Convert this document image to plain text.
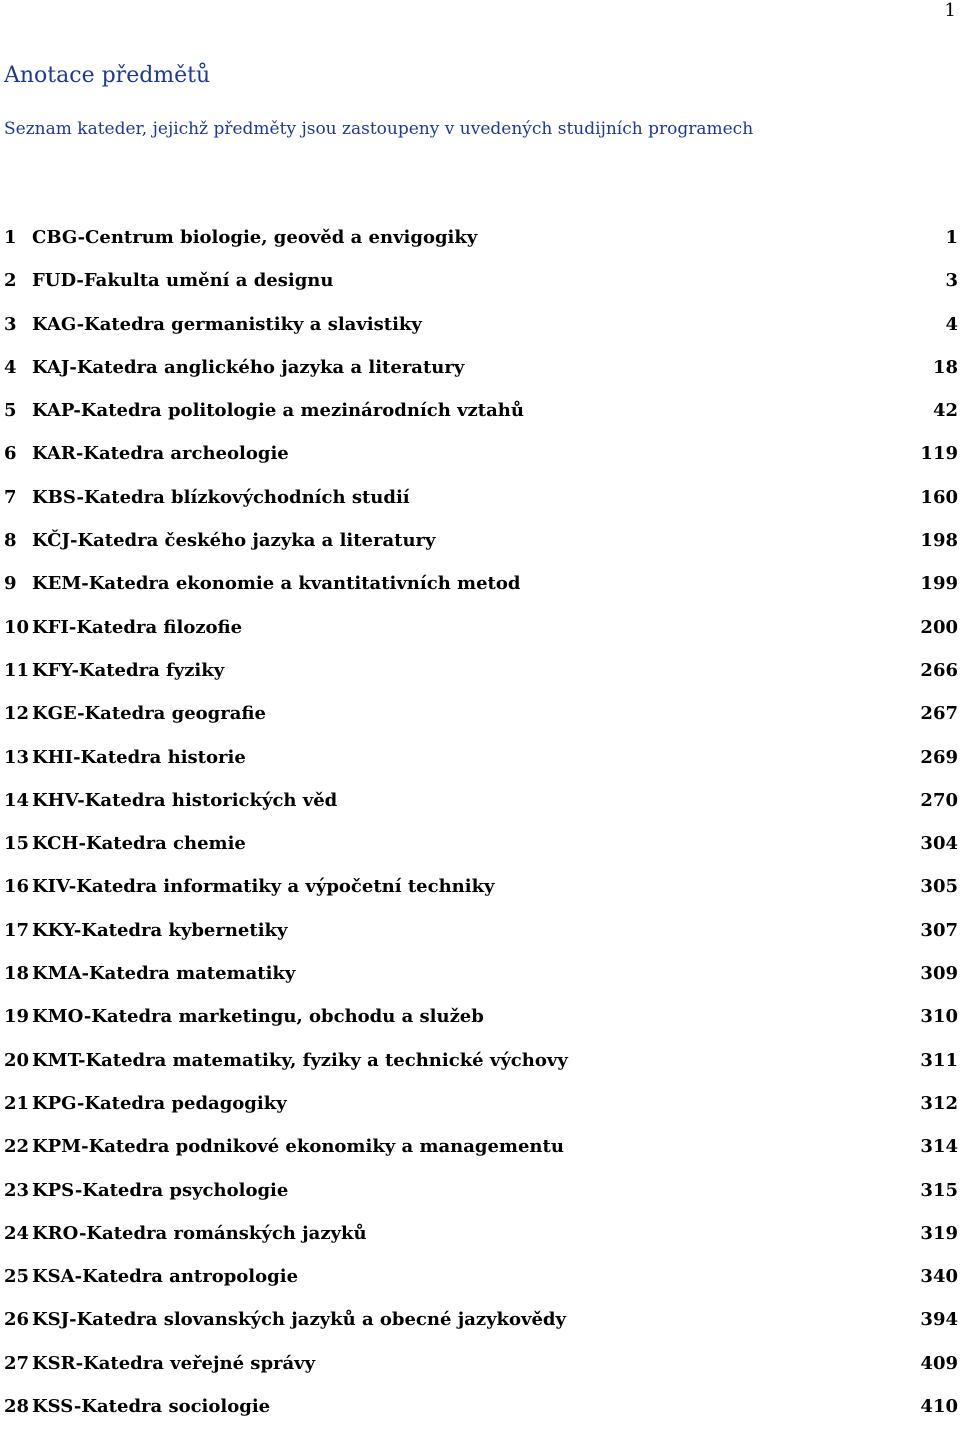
1
Anotace předmětů

Seznam kateder, jejichž předměty jsou zastoupeny v uvedených studijních programech

1 CBG-Centrum biologie, geověd a envigogiky	1
2 FUD-Fakulta umění a designu	3
3 KAG-Katedra germanistiky a slavistiky	4
4 KAJ-Katedra anglického jazyka a literatury	18
5 KAP-Katedra politologie a mezinárodních vztahů	42
6 KAR-Katedra archeologie	119
7 KBS-Katedra blízkovýchodních studií	160
8 KČJ-Katedra českého jazyka a literatury	198
9 KEM-Katedra ekonomie a kvantitativních metod	199
10 KFI-Katedra filozofie	200
11 KFY-Katedra fyziky	266
12 KGE-Katedra geografie	267
13 KHI-Katedra historie	269
14 KHV-Katedra historických věd	270
15 KCH-Katedra chemie	304
16 KIV-Katedra informatiky a výpočetní techniky	305
17 KKY-Katedra kybernetiky	307
18 KMA-Katedra matematiky	309
19 KMO-Katedra marketingu, obchodu a služeb	310
20 KMT-Katedra matematiky, fyziky a technické výchovy	311
21 KPG-Katedra pedagogiky	312
22 KPM-Katedra podnikové ekonomiky a managementu	314
23 KPS-Katedra psychologie	315
24 KRO-Katedra románských jazyků	319
25 KSA-Katedra antropologie	340
26 KSJ-Katedra slovanských jazyků a obecné jazykovědy	394
27 KSR-Katedra veřejné správy	409
28 KSS-Katedra sociologie	410
